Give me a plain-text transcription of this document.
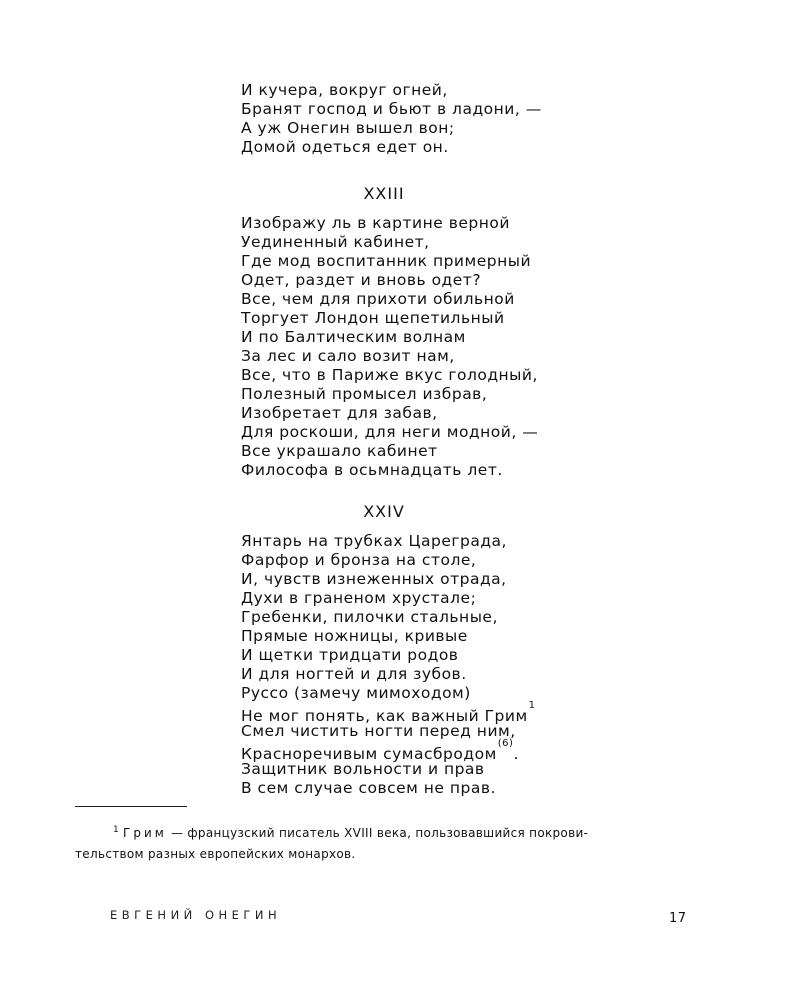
И кучера, вокруг огней,
Бранят господ и бьют в ладони, —
А уж Онегин вышел вон;
Домой одеться едет он.
XXIII
Изображу ль в картине верной
Уединенный кабинет,
Где мод воспитанник примерный
Одет, раздет и вновь одет?
Все, чем для прихоти обильной
Торгует Лондон щепетильный
И по Балтическим волнам
За лес и сало возит нам,
Все, что в Париже вкус голодный,
Полезный промысел избрав,
Изобретает для забав,
Для роскоши, для неги модной, —
Все украшало кабинет
Философа в осьмнадцать лет.
XXIV
Янтарь на трубках Цареграда,
Фарфор и бронза на столе,
И, чувств изнеженных отрада,
Духи в граненом хрустале;
Гребенки, пилочки стальные,
Прямые ножницы, кривые
И щетки тридцати родов
И для ногтей и для зубов.
Руссо (замечу мимоходом)
Не мог понять, как важный Грим$^1$
Смел чистить ногти перед ним,
Красноречивым сумасбродом$^{(6)}$.
Защитник вольности и прав
В сем случае совсем не прав.
$^1$ Грим — французский писатель XVIII века, пользовавшийся покрови-
тельством разных европейских монархов.
ЕВГЕНИЙ ОНЕГИН	17
